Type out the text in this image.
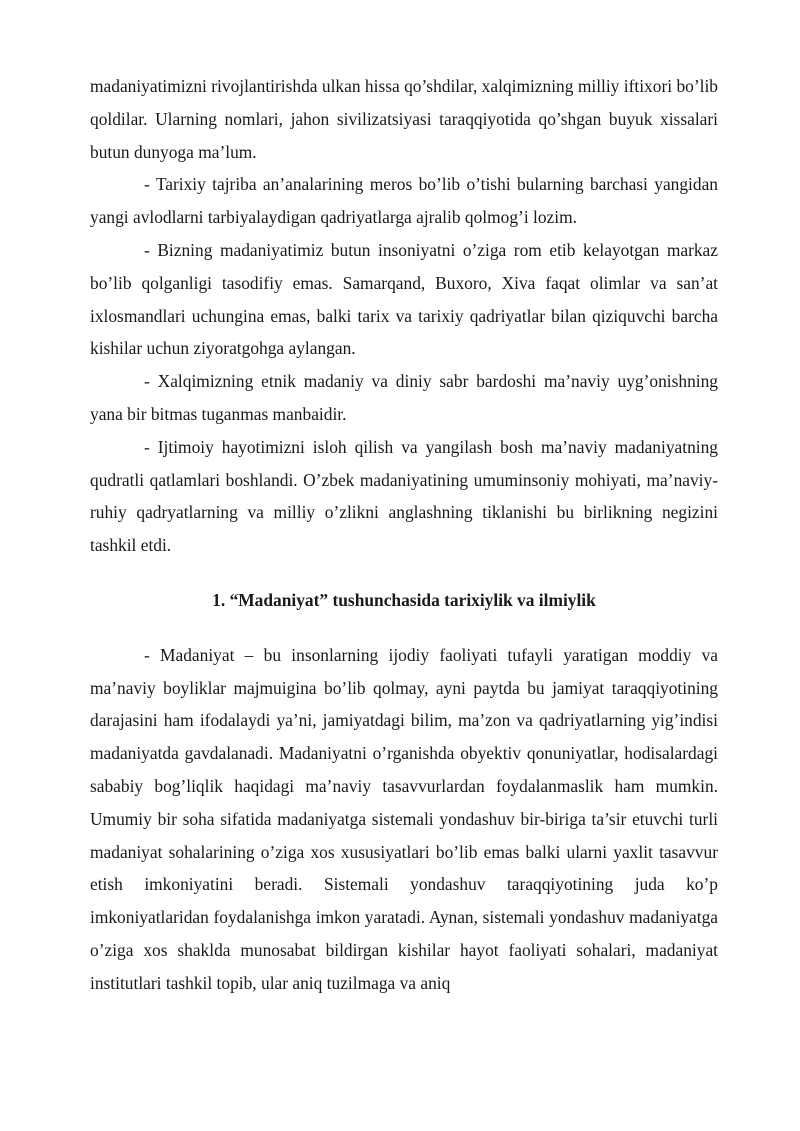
madaniyatimizni rivojlantirishda ulkan hissa qo’shdilar, xalqimizning milliy iftixori bo’lib qoldilar. Ularning nomlari, jahon sivilizatsiyasi taraqqiyotida qo’shgan buyuk xissalari butun dunyoga ma’lum.

- Tarixiy tajriba an’analarining meros bo’lib o’tishi bularning barchasi yangidan yangi avlodlarni tarbiyalaydigan qadriyatlarga ajralib qolmog’i lozim.

- Bizning madaniyatimiz butun insoniyatni o’ziga rom etib kelayotgan markaz bo’lib qolganligi tasodifiy emas. Samarqand, Buxoro, Xiva faqat olimlar va san’at ixlosmandlari uchungina emas, balki tarix va tarixiy qadriyatlar bilan qiziquvchi barcha kishilar uchun ziyoratgohga aylangan.

- Xalqimizning etnik madaniy va diniy sabr bardoshi ma’naviy uyg’onishning yana bir bitmas tuganmas manbaidir.

- Ijtimoiy hayotimizni isloh qilish va yangilash bosh ma’naviy madaniyatning qudratli qatlamlari boshlandi. O’zbek madaniyatining umuminsoniy mohiyati, ma’naviy-ruhiy qadryatlarning va milliy o’zlikni anglashning tiklanishi bu birlikning negizini tashkil etdi.

1. “Madaniyat” tushunchasida tarixiylik va ilmiylik

- Madaniyat – bu insonlarning ijodiy faoliyati tufayli yaratigan moddiy va ma’naviy boyliklar majmuigina bo’lib qolmay, ayni paytda bu jamiyat taraqqiyotining darajasini ham ifodalaydi ya’ni, jamiyatdagi bilim, ma’zon va qadriyatlarning yig’indisi madaniyatda gavdalanadi. Madaniyatni o’rganishda obyektiv qonuniyatlar, hodisalardagi sababiy bog’liqlik haqidagi ma’naviy tasavvurlardan foydalanmaslik ham mumkin. Umumiy bir soha sifatida madaniyatga sistemali yondashuv bir-biriga ta’sir etuvchi turli madaniyat sohalarining o’ziga xos xususiyatlari bo’lib emas balki ularni yaxlit tasavvur etish imkoniyatini beradi. Sistemali yondashuv taraqqiyotining juda ko’p imkoniyatlaridan foydalanishga imkon yaratadi. Aynan, sistemali yondashuv madaniyatga o’ziga xos shaklda munosabat bildirgan kishilar hayot faoliyati sohalari, madaniyat institutlari tashkil topib, ular aniq tuzilmaga va aniq
